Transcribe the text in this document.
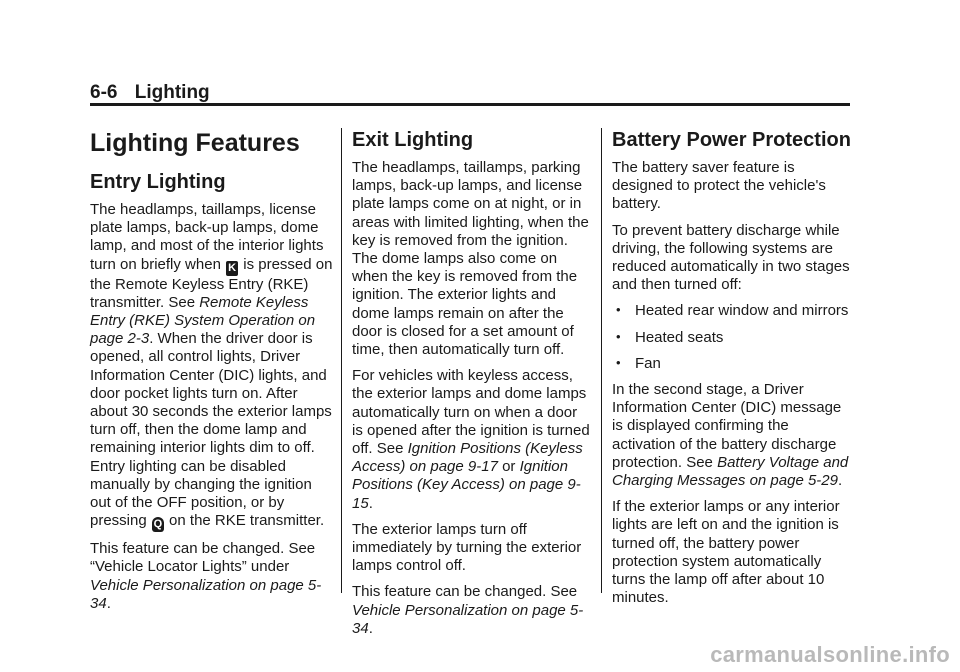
6-6 Lighting
Lighting Features
Entry Lighting

The headlamps, taillamps, license plate lamps, back-up lamps, dome lamp, and most of the interior lights turn on briefly when K is pressed on the Remote Keyless Entry (RKE) transmitter. See Remote Keyless Entry (RKE) System Operation on page 2-3. When the driver door is opened, all control lights, Driver Information Center (DIC) lights, and door pocket lights turn on. After about 30 seconds the exterior lamps turn off, then the dome lamp and remaining interior lights dim to off. Entry lighting can be disabled manually by changing the ignition out of the OFF position, or by pressing Q on the RKE transmitter.

This feature can be changed. See “Vehicle Locator Lights” under Vehicle Personalization on page 5-34.

Exit Lighting

The headlamps, taillamps, parking lamps, back-up lamps, and license plate lamps come on at night, or in areas with limited lighting, when the key is removed from the ignition. The dome lamps also come on when the key is removed from the ignition. The exterior lights and dome lamps remain on after the door is closed for a set amount of time, then automatically turn off.

For vehicles with keyless access, the exterior lamps and dome lamps automatically turn on when a door is opened after the ignition is turned off. See Ignition Positions (Keyless Access) on page 9-17 or Ignition Positions (Key Access) on page 9-15.

The exterior lamps turn off immediately by turning the exterior lamps control off.

This feature can be changed. See Vehicle Personalization on page 5-34.

Battery Power Protection

The battery saver feature is designed to protect the vehicle's battery.

To prevent battery discharge while driving, the following systems are reduced automatically in two stages and then turned off:

• Heated rear window and mirrors
• Heated seats
• Fan

In the second stage, a Driver Information Center (DIC) message is displayed confirming the activation of the battery discharge protection. See Battery Voltage and Charging Messages on page 5-29.

If the exterior lamps or any interior lights are left on and the ignition is turned off, the battery power protection system automatically turns the lamp off after about 10 minutes.

carmanualsonline.info
